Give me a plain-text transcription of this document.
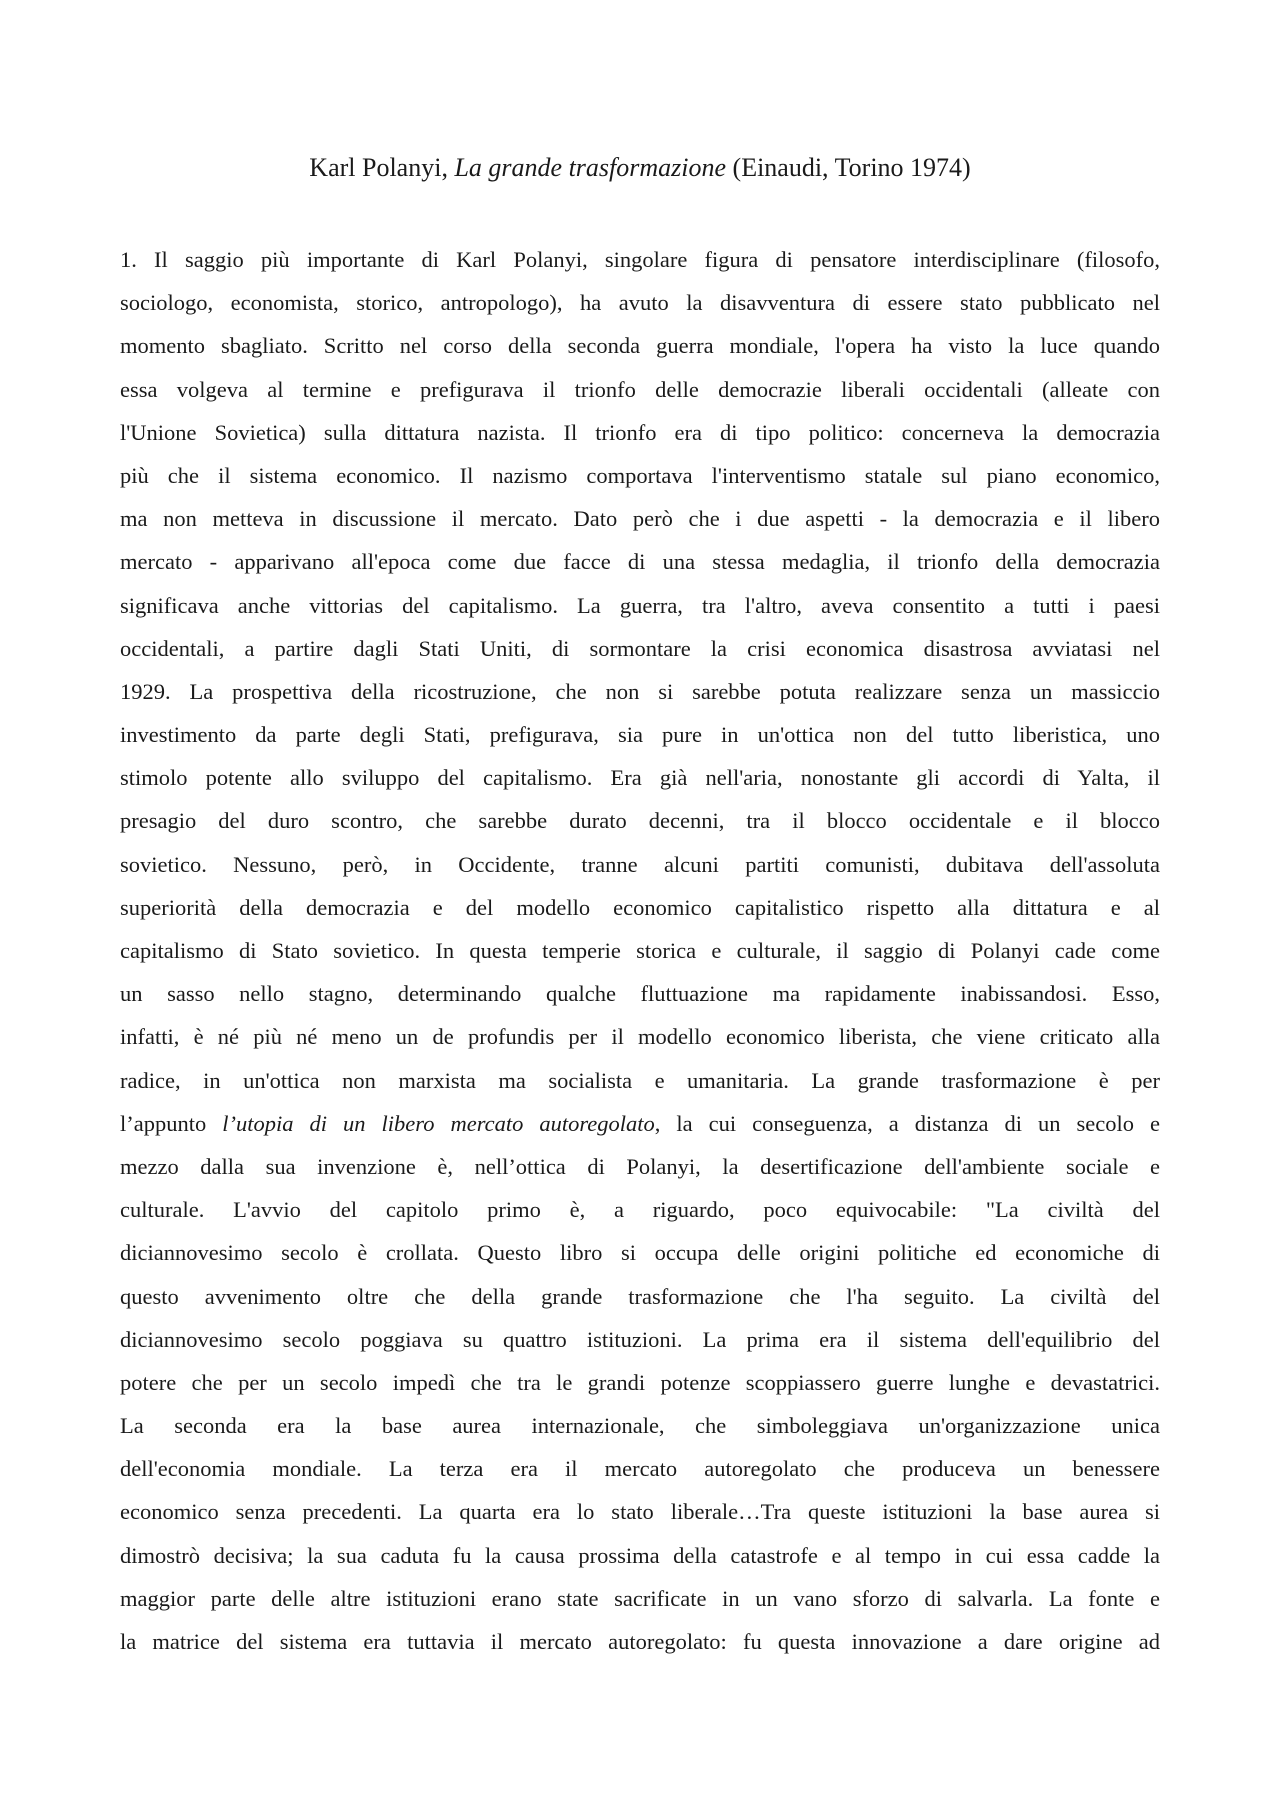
Karl Polanyi, La grande trasformazione (Einaudi, Torino 1974)
1. Il saggio più importante di Karl Polanyi, singolare figura di pensatore interdisciplinare (filosofo,
sociologo, economista, storico, antropologo), ha avuto la disavventura di essere stato pubblicato nel
momento sbagliato. Scritto nel corso della seconda guerra mondiale, l'opera ha visto la luce quando
essa volgeva al termine e prefigurava il trionfo delle democrazie liberali occidentali (alleate con
l'Unione Sovietica) sulla dittatura nazista. Il trionfo era di tipo politico: concerneva la democrazia
più che il sistema economico. Il nazismo comportava l'interventismo statale sul piano economico,
ma non metteva in discussione il mercato. Dato però che i due aspetti - la democrazia e il libero
mercato - apparivano all'epoca come due facce di una stessa medaglia, il trionfo della democrazia
significava anche vittorias del capitalismo. La guerra, tra l'altro, aveva consentito a tutti i paesi
occidentali, a partire dagli Stati Uniti, di sormontare la crisi economica disastrosa avviatasi nel
1929. La prospettiva della ricostruzione, che non si sarebbe potuta realizzare senza un massiccio
investimento da parte degli Stati, prefigurava, sia pure in un'ottica non del tutto liberistica, uno
stimolo potente allo sviluppo del capitalismo. Era già nell'aria, nonostante gli accordi di Yalta, il
presagio del duro scontro, che sarebbe durato decenni, tra il blocco occidentale e il blocco
sovietico. Nessuno, però, in Occidente, tranne alcuni partiti comunisti, dubitava dell'assoluta
superiorità della democrazia e del modello economico capitalistico rispetto alla dittatura e al
capitalismo di Stato sovietico. In questa temperie storica e culturale, il saggio di Polanyi cade come
un sasso nello stagno, determinando qualche fluttuazione ma rapidamente inabissandosi. Esso,
infatti, è né più né meno un de profundis per il modello economico liberista, che viene criticato alla
radice, in un'ottica non marxista ma socialista e umanitaria. La grande trasformazione è per
l’appunto l’utopia di un libero mercato autoregolato, la cui conseguenza, a distanza di un secolo e
mezzo dalla sua invenzione è, nell’ottica di Polanyi, la desertificazione dell'ambiente sociale e
culturale. L'avvio del capitolo primo è, a riguardo, poco equivocabile: "La civiltà del
diciannovesimo secolo è crollata. Questo libro si occupa delle origini politiche ed economiche di
questo avvenimento oltre che della grande trasformazione che l'ha seguito. La civiltà del
diciannovesimo secolo poggiava su quattro istituzioni. La prima era il sistema dell'equilibrio del
potere che per un secolo impedì che tra le grandi potenze scoppiassero guerre lunghe e devastatrici.
La seconda era la base aurea internazionale, che simboleggiava un'organizzazione unica
dell'economia mondiale. La terza era il mercato autoregolato che produceva un benessere
economico senza precedenti. La quarta era lo stato liberale…Tra queste istituzioni la base aurea si
dimostrò decisiva; la sua caduta fu la causa prossima della catastrofe e al tempo in cui essa cadde la
maggior parte delle altre istituzioni erano state sacrificate in un vano sforzo di salvarla. La fonte e
la matrice del sistema era tuttavia il mercato autoregolato: fu questa innovazione a dare origine ad
